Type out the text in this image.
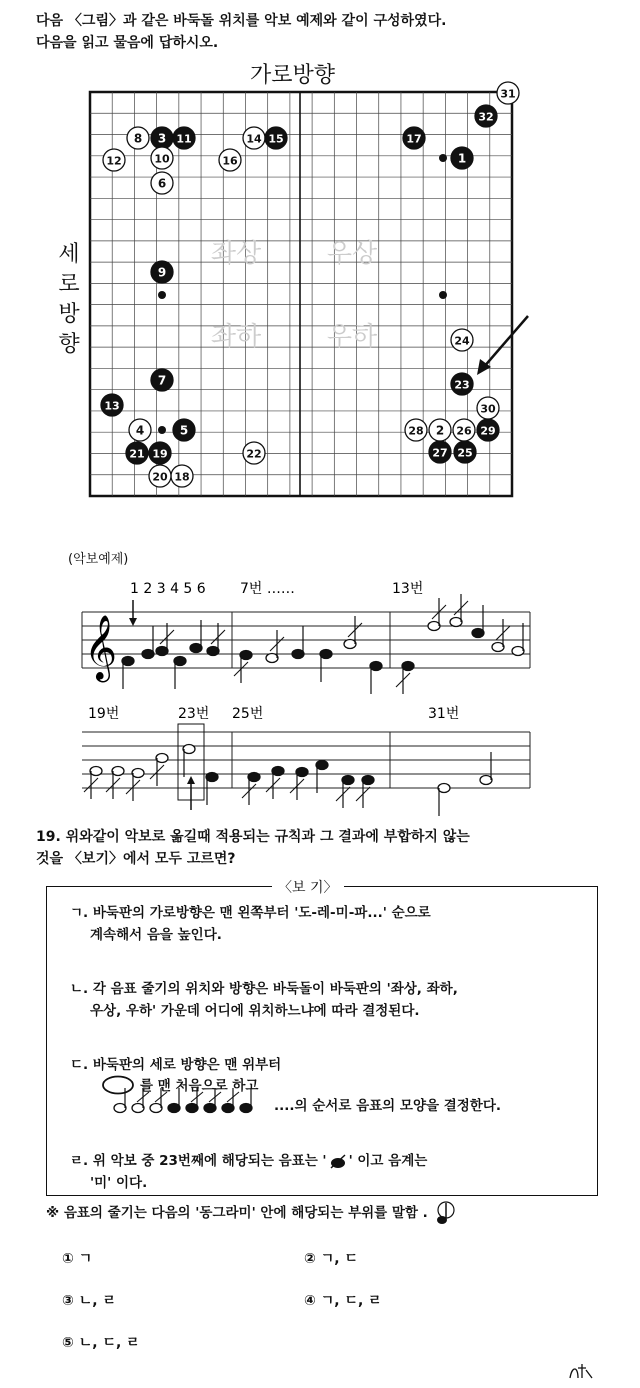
다음 〈그림〉과 같은 바둑돌 위치를 악보 예제와 같이 구성하였다.
다음을 읽고 물음에 답하시오.
가로방향
세
로
방
향
좌상	우상
좌하	우하
1
3
4	5
6
7
8
9
10
11
12
13
14 15
16
17
18
19
20
21	22
23
24
25
26
27
28 2	29
30
31
32
(악보예제)
1 2 3 4 5 6 7번 ……	13번
𝄞
19번	23번 25번	31번
19. 위와같이 악보로 옮길때 적용되는 규칙과 그 결과에 부합하지 않는
것을 〈보기〉에서 모두 고르면?
〈보 기〉
ㄱ. 바둑판의 가로방향은 맨 왼쪽부터 '도-레-미-파...' 순으로
계속해서 음을 높인다.
ㄴ. 각 음표 줄기의 위치와 방향은 바둑돌이 바둑판의 '좌상, 좌하,
우상, 우하' 가운데 어디에 위치하느냐에 따라 결정된다.
ㄷ. 바둑판의 세로 방향은 맨 위부터
를 맨 처음으로 하고
....의 순서로 음표의 모양을 결정한다.
ㄹ. 위 악보 중 23번째에 해당되는 음표는 ' ' 이고 음계는
'미' 이다.
※ 음표의 줄기는 다음의 '동그라미' 안에 해당되는 부위를 말함 .
① ㄱ	② ㄱ, ㄷ
③ ㄴ, ㄹ	④ ㄱ, ㄷ, ㄹ
⑤ ㄴ, ㄷ, ㄹ
